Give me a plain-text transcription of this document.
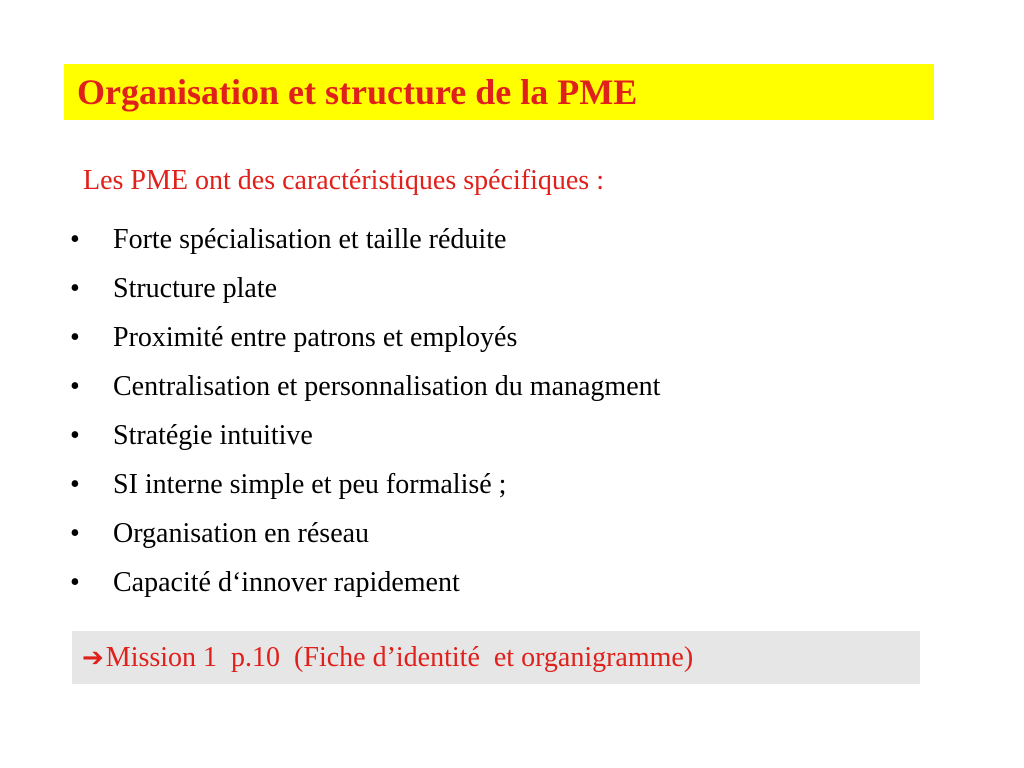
Organisation et structure de la PME
Les PME ont des caractéristiques spécifiques :
•	Forte spécialisation et taille réduite
•	Structure plate
•	Proximité entre patrons et employés
•	Centralisation et personnalisation du managment
•	Stratégie intuitive
•	SI interne simple et peu formalisé ;
•	Organisation en réseau
•	Capacité d‘innover rapidement
➔ Mission 1  p.10  (Fiche d’identité  et organigramme)
